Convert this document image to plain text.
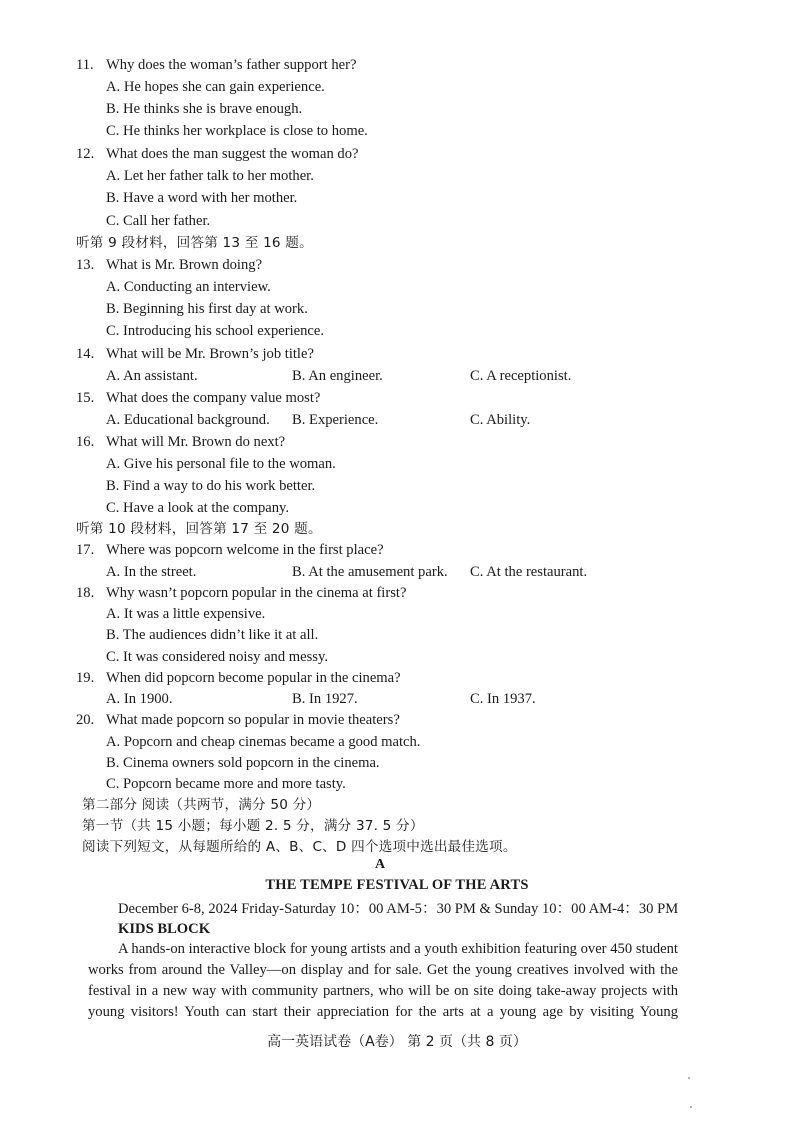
11. Why does the woman’s father support her?
A. He hopes she can gain experience.
B. He thinks she is brave enough.
C. He thinks her workplace is close to home.
12. What does the man suggest the woman do?
A. Let her father talk to her mother.
B. Have a word with her mother.
C. Call her father.
听第 9 段材料，回答第 13 至 16 题。
13. What is Mr. Brown doing?
A. Conducting an interview.
B. Beginning his first day at work.
C. Introducing his school experience.
14. What will be Mr. Brown’s job title?
A. An assistant.	B. An engineer.	C. A receptionist.
15. What does the company value most?
A. Educational background. B. Experience.	C. Ability.
16. What will Mr. Brown do next?
A. Give his personal file to the woman.
B. Find a way to do his work better.
C. Have a look at the company.
听第 10 段材料，回答第 17 至 20 题。
17. Where was popcorn welcome in the first place?
A. In the street.	B. At the amusement park. C. At the restaurant.
18. Why wasn’t popcorn popular in the cinema at first?
A. It was a little expensive.
B. The audiences didn’t like it at all.
C. It was considered noisy and messy.
19. When did popcorn become popular in the cinema?
A. In 1900.	B. In 1927.	C. In 1937.
20. What made popcorn so popular in movie theaters?
A. Popcorn and cheap cinemas became a good match.
B. Cinema owners sold popcorn in the cinema.
C. Popcorn became more and more tasty.
第二部分 阅读（共两节，满分 50 分）
第一节（共 15 小题；每小题 2. 5 分，满分 37. 5 分）
阅读下列短文，从每题所给的 A、B、C、D 四个选项中选出最佳选项。
A
THE TEMPE FESTIVAL OF THE ARTS
December 6-8, 2024 Friday-Saturday 10：00 AM-5：30 PM & Sunday 10：00 AM-4：30 PM
KIDS BLOCK
A hands-on interactive block for young artists and a youth exhibition featuring over 450 student
works from around the Valley—on display and for sale. Get the young creatives involved with the
festival in a new way with community partners, who will be on site doing take-away projects with
young visitors! Youth can start their appreciation for the arts at a young age by visiting Young
高一英语试卷（A卷） 第 2 页（共 8 页）
